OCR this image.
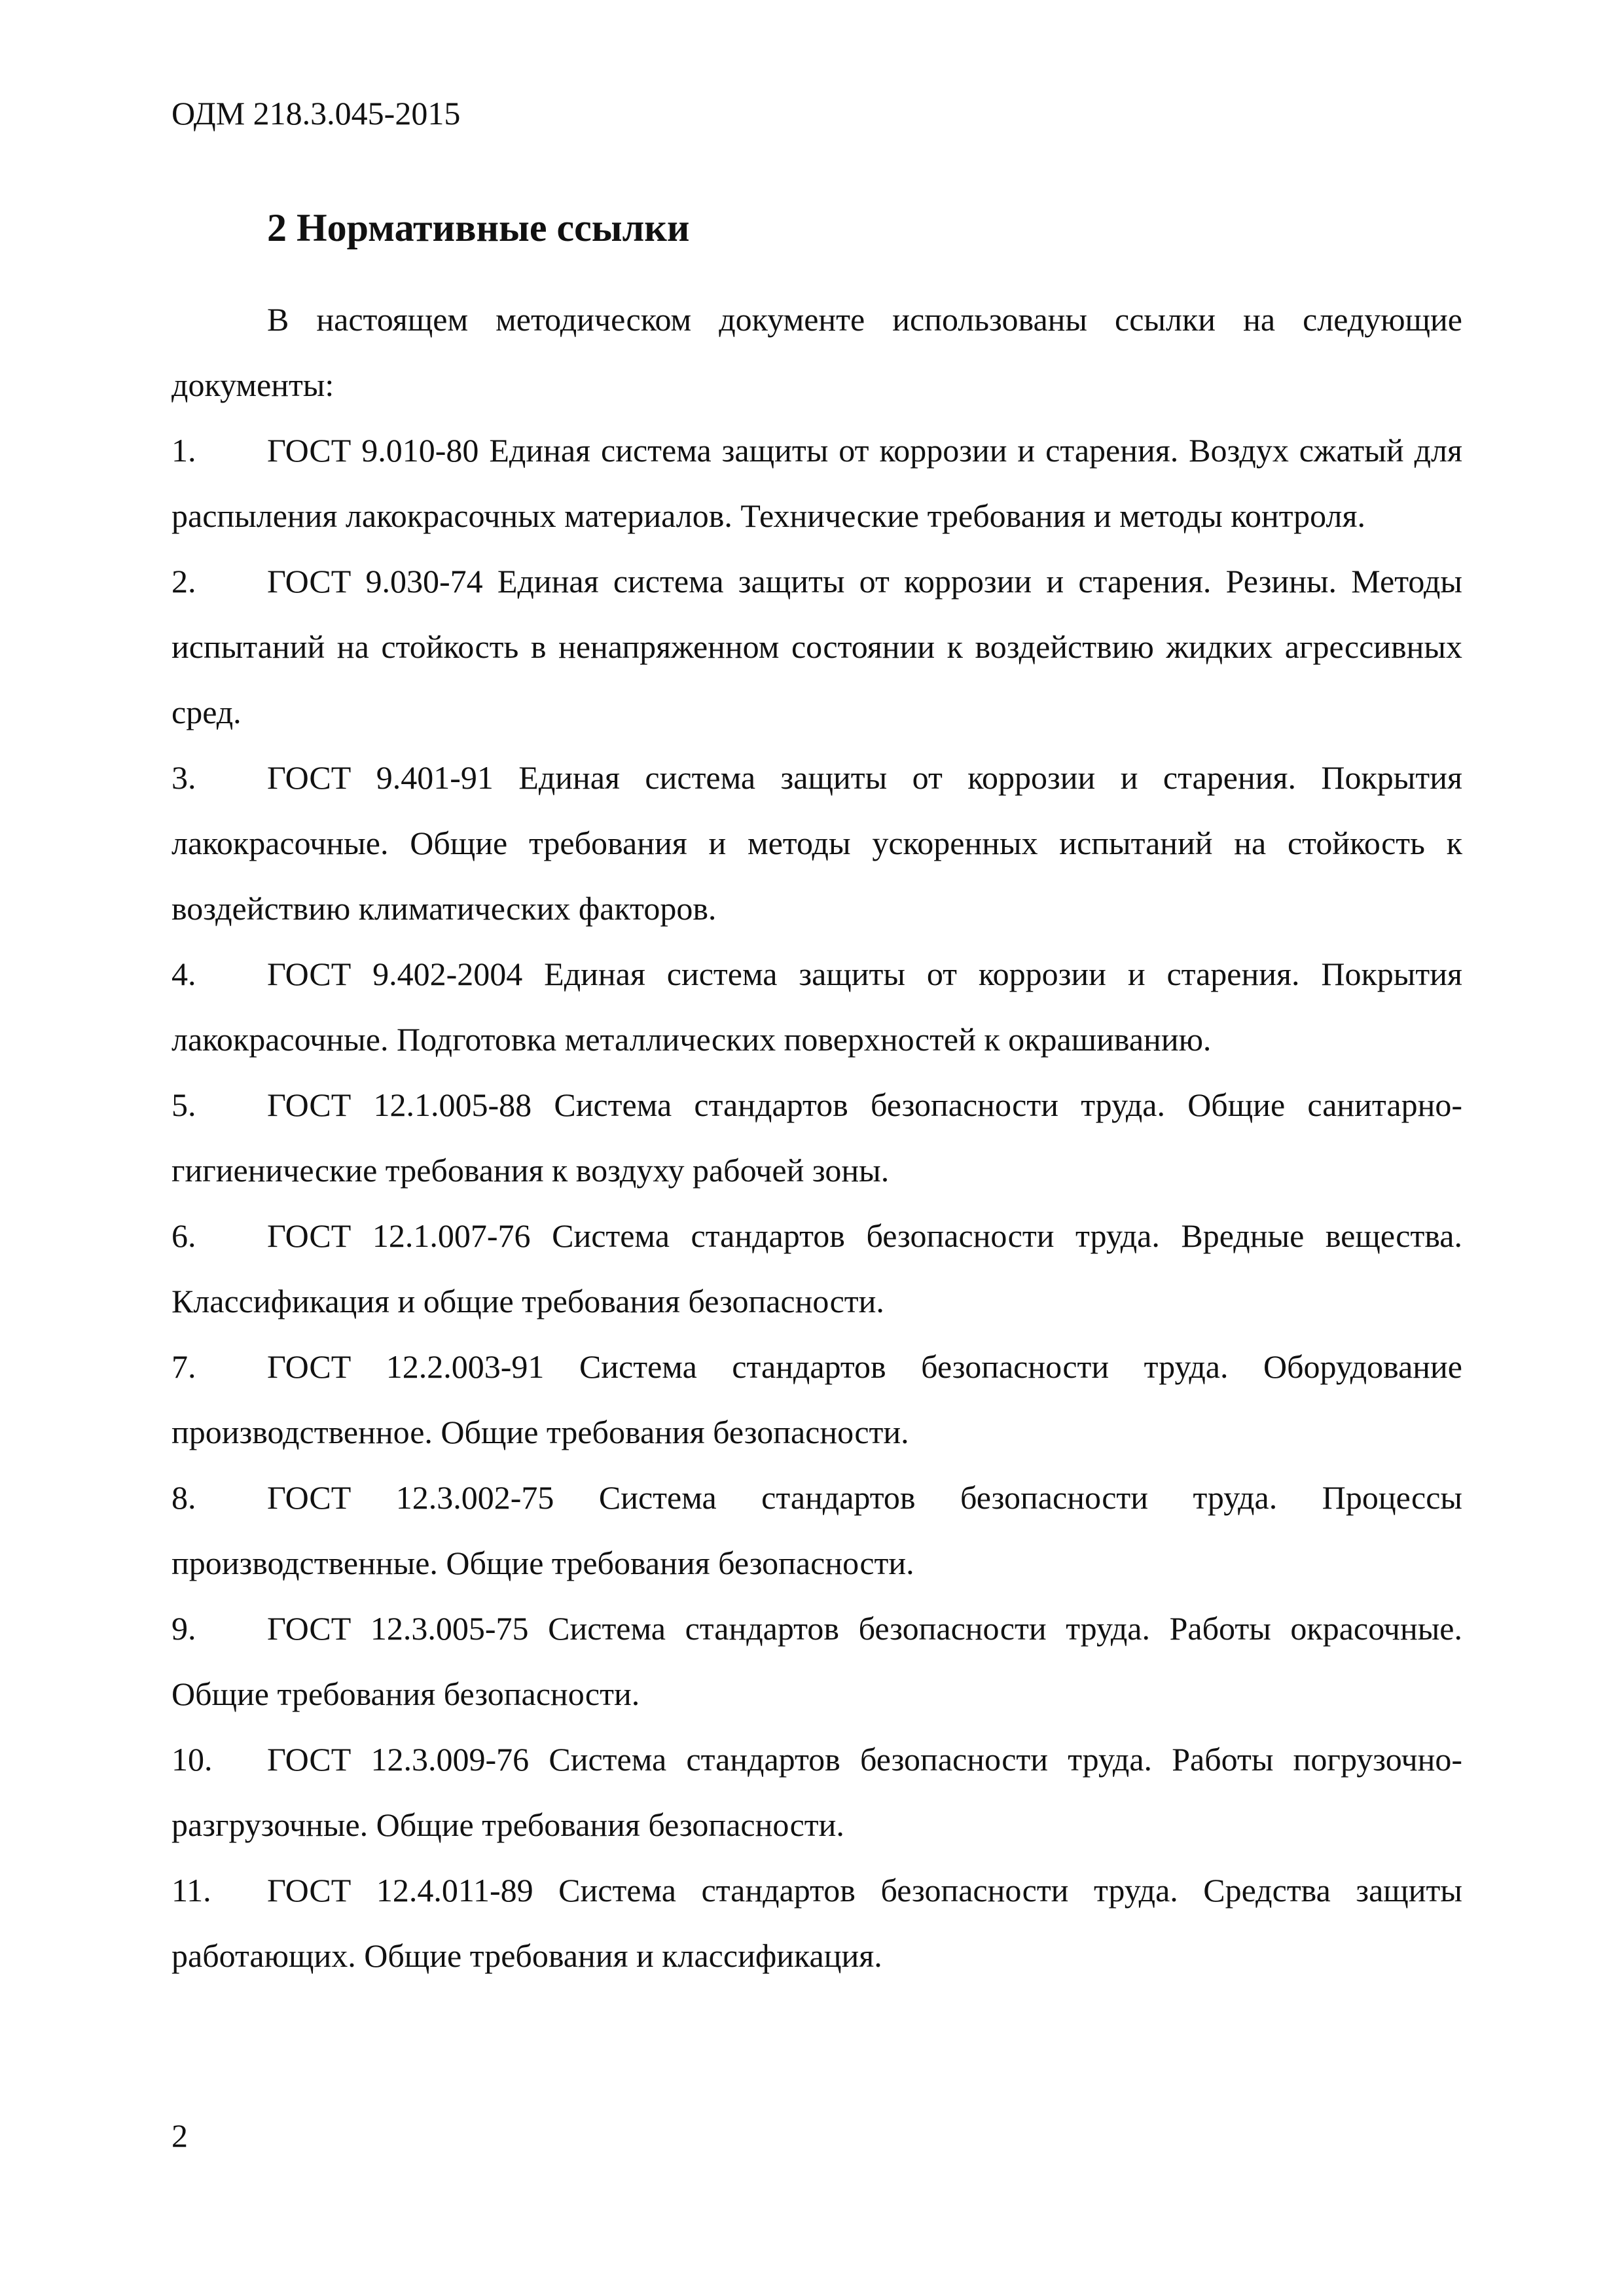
ОДМ 218.3.045-2015
2 Нормативные ссылки

В настоящем методическом документе использованы ссылки на следующие документы:

1. ГОСТ 9.010-80 Единая система защиты от коррозии и старения. Воздух сжатый для распыления лакокрасочных материалов. Технические требования и методы контроля.

2. ГОСТ 9.030-74 Единая система защиты от коррозии и старения. Резины. Методы испытаний на стойкость в ненапряженном состоянии к воздействию жидких агрессивных сред.

3. ГОСТ 9.401-91 Единая система защиты от коррозии и старения. Покрытия лакокрасочные. Общие требования и методы ускоренных испытаний на стойкость к воздействию климатических факторов.

4. ГОСТ 9.402-2004 Единая система защиты от коррозии и старения. Покрытия лакокрасочные. Подготовка металлических поверхностей к окрашиванию.

5. ГОСТ 12.1.005-88 Система стандартов безопасности труда. Общие санитарно-гигиенические требования к воздуху рабочей зоны.

6. ГОСТ 12.1.007-76 Система стандартов безопасности труда. Вредные вещества. Классификация и общие требования безопасности.

7. ГОСТ 12.2.003-91 Система стандартов безопасности труда. Оборудование производственное. Общие требования безопасности.

8. ГОСТ 12.3.002-75 Система стандартов безопасности труда. Процессы производственные. Общие требования безопасности.

9. ГОСТ 12.3.005-75 Система стандартов безопасности труда. Работы окрасочные. Общие требования безопасности.

10. ГОСТ 12.3.009-76 Система стандартов безопасности труда. Работы погрузочно-разгрузочные. Общие требования безопасности.

11. ГОСТ 12.4.011-89 Система стандартов безопасности труда. Средства защиты работающих. Общие требования и классификация.

2
